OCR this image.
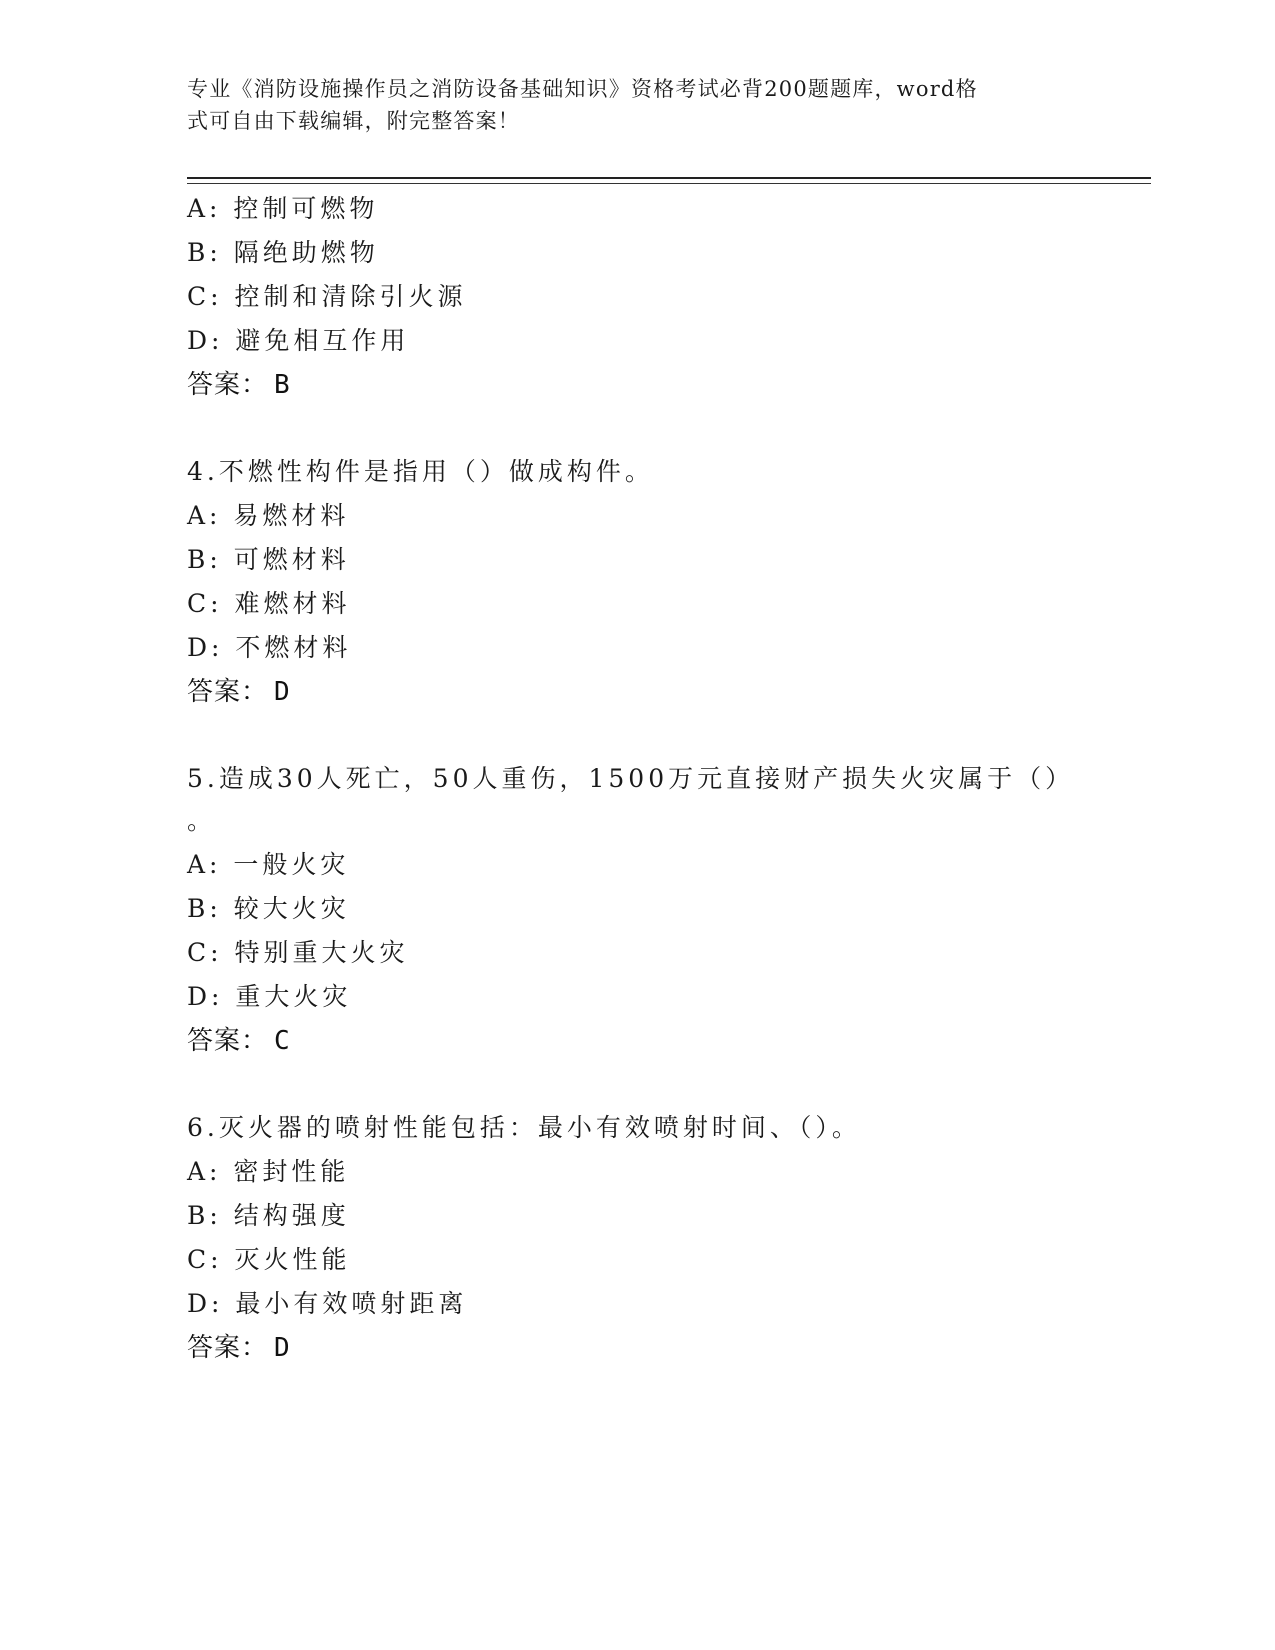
专业《消防设施操作员之消防设备基础知识》资格考试必背200题题库，word格
式可自由下载编辑，附完整答案！
A: 控制可燃物
B: 隔绝助燃物
C: 控制和清除引火源
D: 避免相互作用
答案： B
4.不燃性构件是指用（）做成构件。
A: 易燃材料
B: 可燃材料
C: 难燃材料
D: 不燃材料
答案： D
5.造成30人死亡，50人重伤，1500万元直接财产损失火灾属于（）
。
A: 一般火灾
B: 较大火灾
C: 特别重大火灾
D: 重大火灾
答案： C
6.灭火器的喷射性能包括：最小有效喷射时间、（）。
A: 密封性能
B: 结构强度
C: 灭火性能
D: 最小有效喷射距离
答案： D
